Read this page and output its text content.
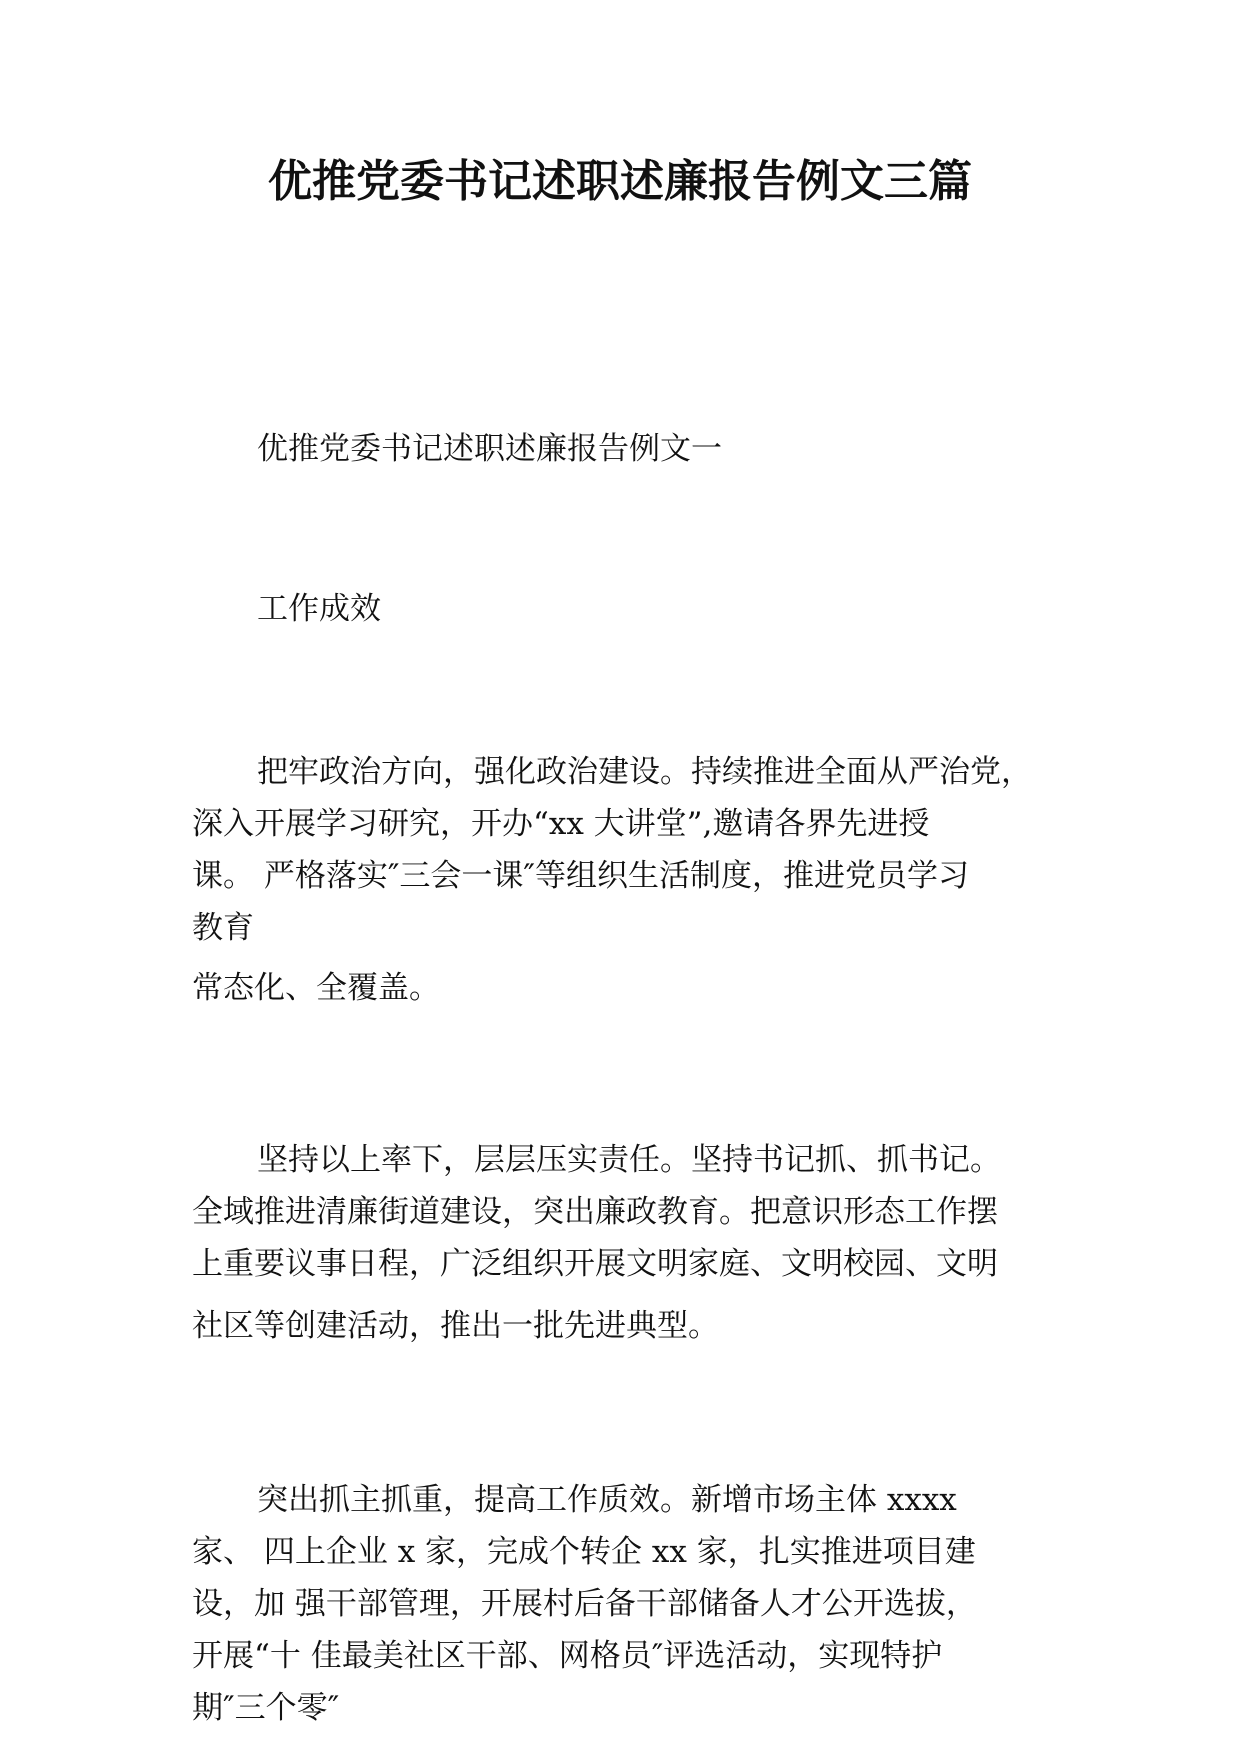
优推党委书记述职述廉报告例文三篇

优推党委书记述职述廉报告例文一

工作成效

把牢政治方向，强化政治建设。持续推进全面从严治党，
深入开展学习研究，开办“xx 大讲堂”,邀请各界先进授
课。 严格落实″三会一课″等组织生活制度，推进党员学习
教育
常态化、全覆盖。
坚持以上率下，层层压实责任。坚持书记抓、抓书记。
全域推进清廉街道建设，突出廉政教育。把意识形态工作摆
上重要议事日程，广泛组织开展文明家庭、文明校园、文明
社区等创建活动，推出一批先进典型。
突出抓主抓重，提高工作质效。新增市场主体 xxxx
家、 四上企业 x 家，完成个转企 xx 家，扎实推进项目建
设，加 强干部管理，开展村后备干部储备人才公开选拔，
开展“十 佳最美社区干部、网格员″评选活动，实现特护
期″三个零″
